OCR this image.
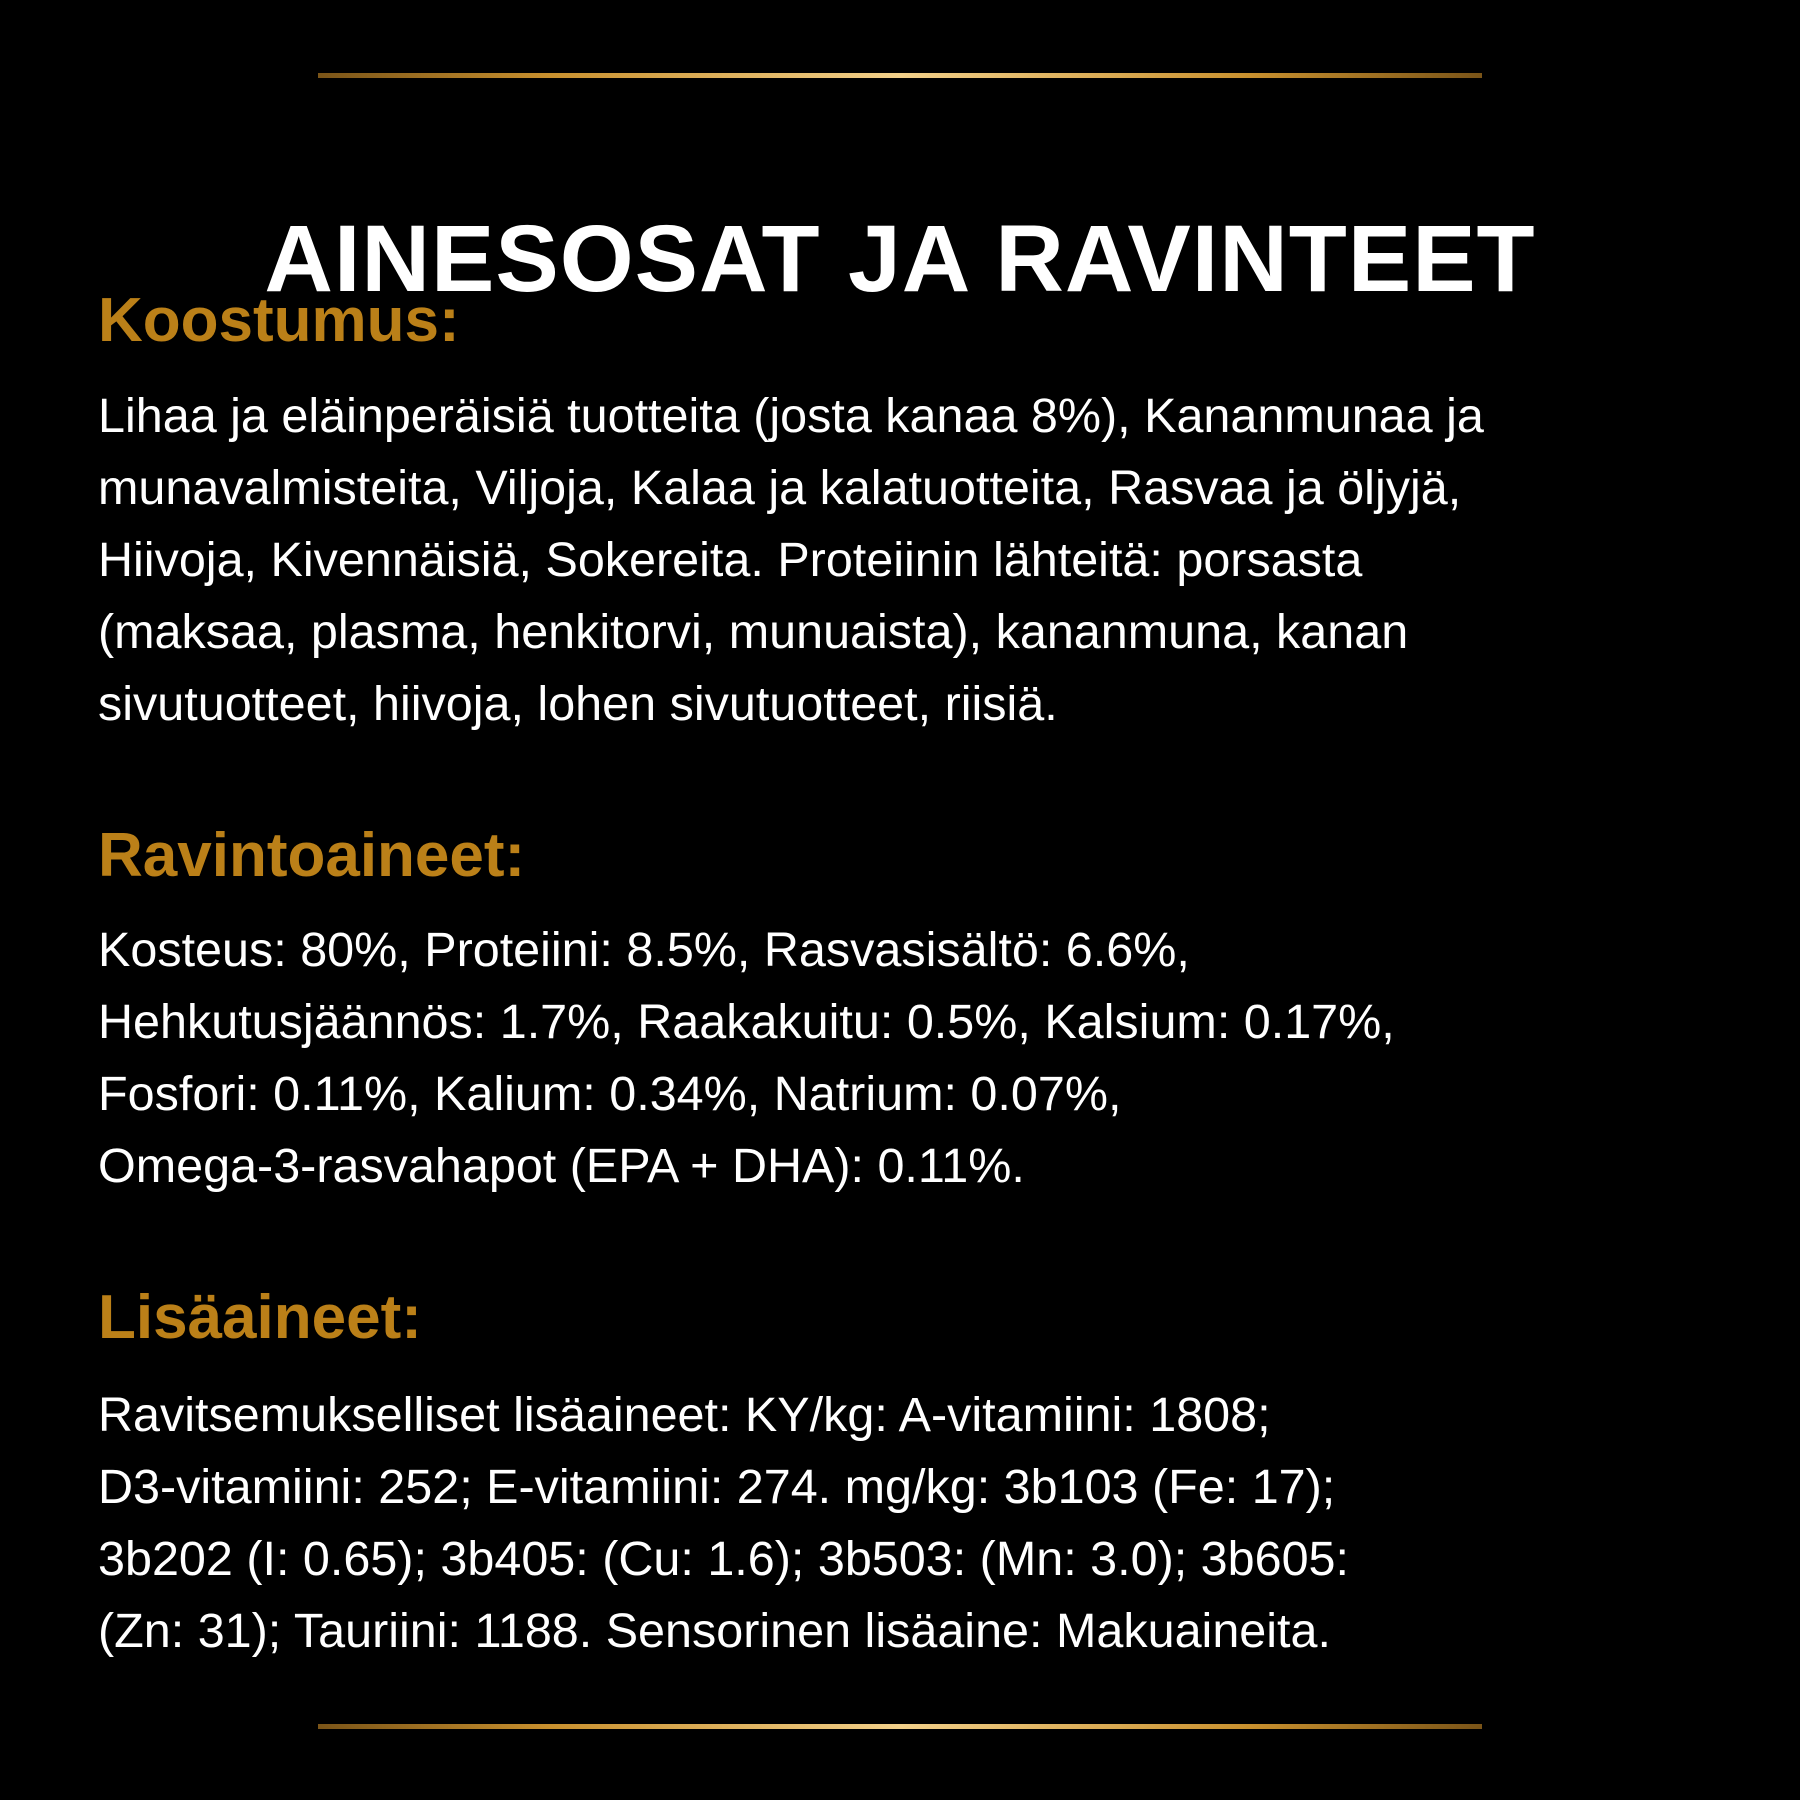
AINESOSAT JA RAVINTEET
Koostumus:

Lihaa ja eläinperäisiä tuotteita (josta kanaa 8%), Kananmunaa ja
munavalmisteita, Viljoja, Kalaa ja kalatuotteita, Rasvaa ja öljyjä,
Hiivoja, Kivennäisiä, Sokereita. Proteiinin lähteitä: porsasta
(maksaa, plasma, henkitorvi, munuaista), kananmuna, kanan
sivutuotteet, hiivoja, lohen sivutuotteet, riisiä.

Ravintoaineet:

Kosteus: 80%, Proteiini: 8.5%, Rasvasisältö: 6.6%,
Hehkutusjäännös: 1.7%, Raakakuitu: 0.5%, Kalsium: 0.17%,
Fosfori: 0.11%, Kalium: 0.34%, Natrium: 0.07%,
Omega-3-rasvahapot (EPA + DHA): 0.11%.

Lisäaineet:

Ravitsemukselliset lisäaineet: KY/kg: A-vitamiini: 1808;
D3-vitamiini: 252; E-vitamiini: 274. mg/kg: 3b103 (Fe: 17);
3b202 (I: 0.65); 3b405: (Cu: 1.6); 3b503: (Mn: 3.0); 3b605:
(Zn: 31); Tauriini: 1188. Sensorinen lisäaine: Makuaineita.
